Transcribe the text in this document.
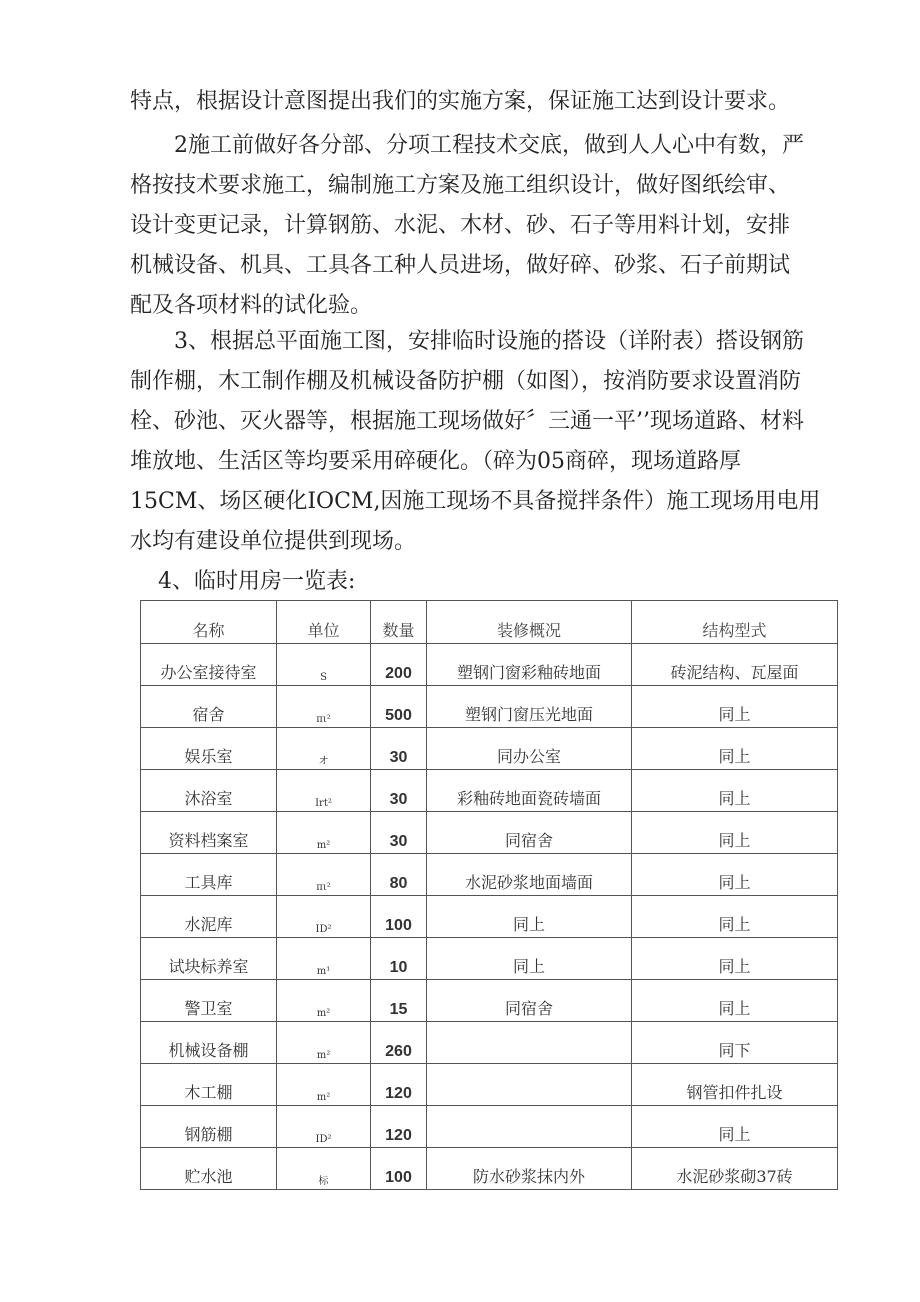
特点，根据设计意图提出我们的实施方案，保证施工达到设计要求。

2施工前做好各分部、分项工程技术交底，做到人人心中有数，严
格按技术要求施工，编制施工方案及施工组织设计，做好图纸绘审、
设计变更记录，计算钢筋、水泥、木材、砂、石子等用料计划，安排
机械设备、机具、工具各工种人员进场，做好碎、砂浆、石子前期试
配及各项材料的试化验。

3、根据总平面施工图，安排临时设施的搭设（详附表）搭设钢筋
制作棚，木工制作棚及机械设备防护棚（如图），按消防要求设置消防
栓、砂池、灭火器等，根据施工现场做好〞三通一平’’现场道路、材料
堆放地、生活区等均要采用碎硬化。（碎为05商碎，现场道路厚
15CM、场区硬化IOCM,因施工现场不具备搅拌条件）施工现场用电用
水均有建设单位提供到现场。

4、临时用房一览表:
名称	单位	数量	装修概况	结构型式
办公室接待室	S	200	塑钢门窗彩釉砖地面	砖泥结构、瓦屋面
宿舍	πι²	500	塑钢门窗压光地面	同上
娱乐室	オ	30	同办公室	同上
沐浴室	Irt²	30	彩釉砖地面瓷砖墙面	同上
资料档案室	m²	30	同宿舍	同上
工具库	πι²	80	水泥砂浆地面墙面	同上
水泥库	ID²	100	同上	同上
试块标养室	m¹	10	同上	同上
警卫室	m²	15	同宿舍	同上
机械设备棚	m²	260		同下
木工棚	m²	120		钢管扣件扎设
钢筋棚	ID²	120		同上
贮水池	标	100	防水砂浆抹内外	水泥砂浆砌37砖
